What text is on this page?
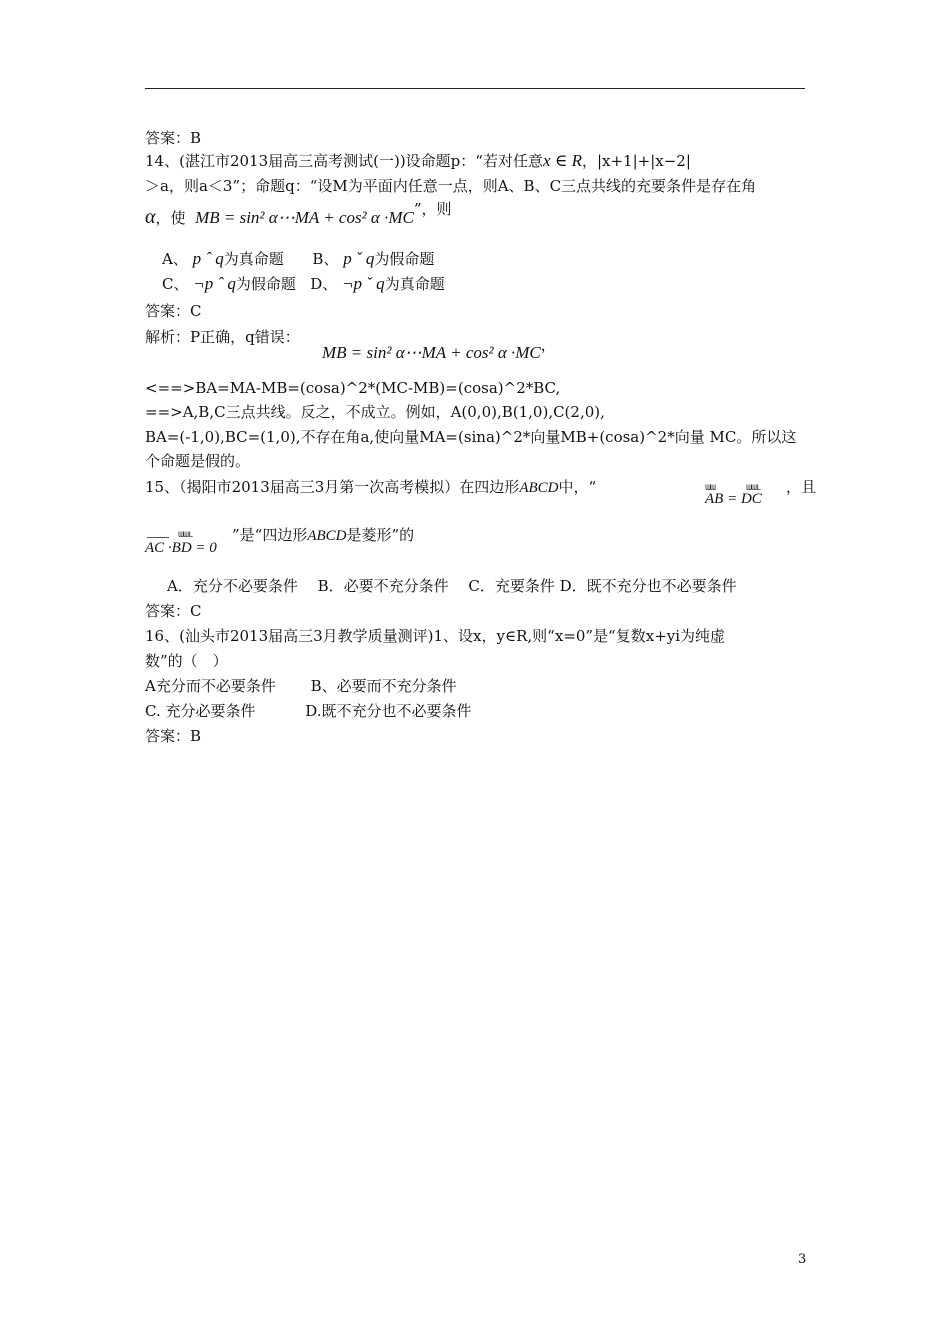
答案：B
14、(湛江市2013届高三高考测试(一))设命题p：“若对任意x ∈ R，|x+1|+|x−2|
＞a，则a＜3”；命题q：“设M为平面内任意一点，则A、B、C三点共线的充要条件是存在角
α，使 MB = sin² α⋯MA + cos² α ·MC”，则
A、 p ˆ q为真命题 B、 p ˇ q为假命题
C、 ¬p ˆ q为假命题 D、 ¬p ˇ q为真命题
答案：C
解析：P正确，q错误：
MB = sin² α⋯MA + cos² α ·MC，
<==>BA=MA-MB=(cosa)^2*(MC-MB)=(cosa)^2*BC,
==>A,B,C三点共线。反之，不成立。例如，A(0,0),B(1,0),C(2,0),
BA=(-1,0),BC=(1,0),不存在角a,使向量MA=(sina)^2*向量MB+(cosa)^2*向量 MC。所以这
个命题是假的。
15、（揭阳市2013届高三3月第一次高考模拟）在四边形ABCD中，“	աա	աաւ
AB = DC
，且
աաւ
AC ·BD = 0
”是“四边形ABCD是菱形”的
A．充分不必要条件　 B．必要不充分条件　 C．充要条件 D．既不充分也不必要条件
答案：C
16、(汕头市2013届高三3月教学质量测评)1、设x，y∈R,则“x=0”是“复数x+yi为纯虚
数”的（　）
A充分而不必要条件　　 B、必要而不充分条件
C. 充分必要条件　　　 D.既不充分也不必要条件
答案：B
3
